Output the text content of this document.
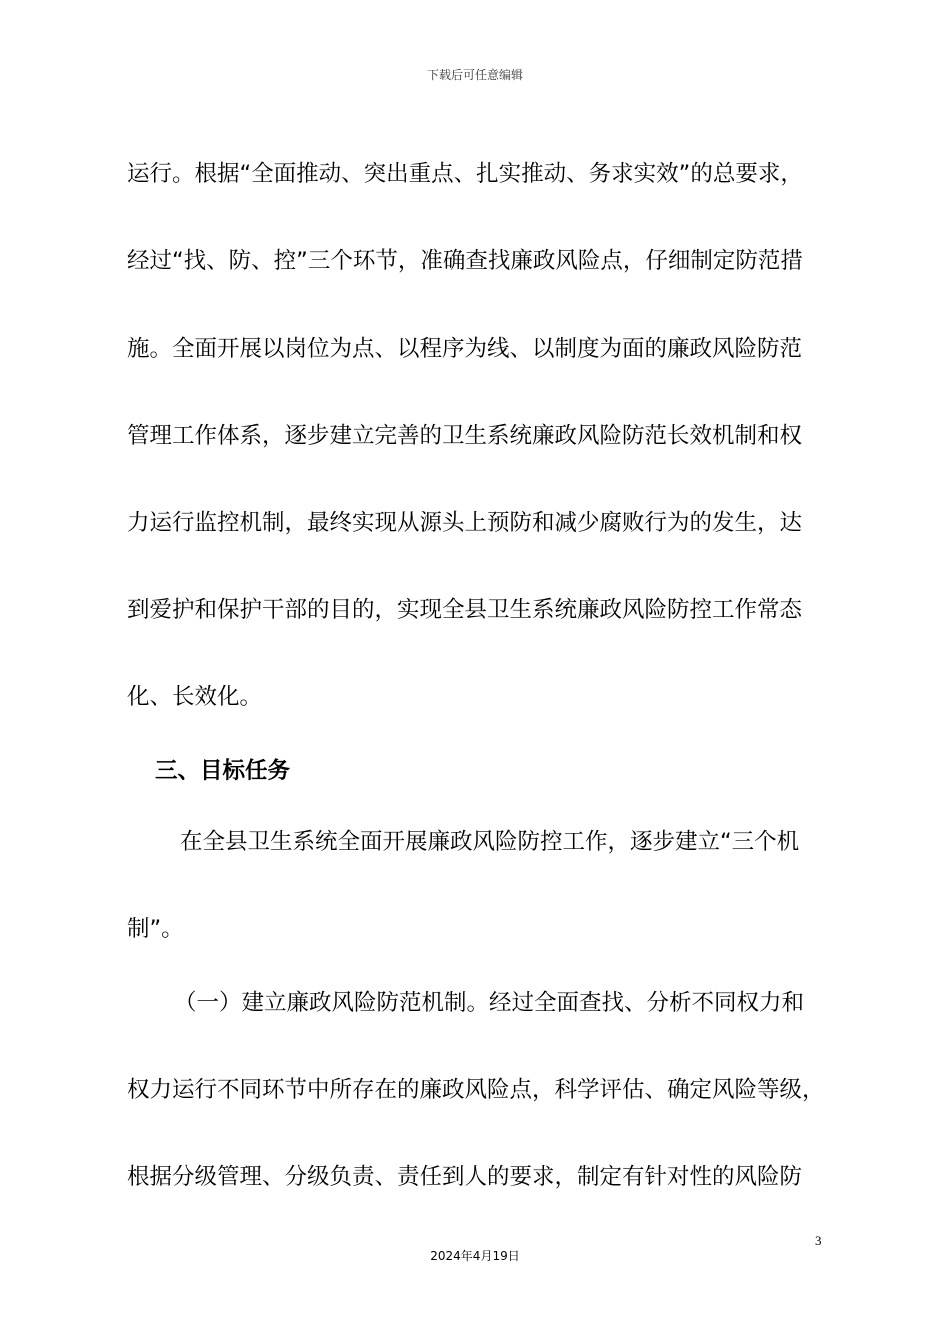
下载后可任意编辑
运行。根据“全面推动、突出重点、扎实推动、务求实效”的总要求，
经过“找、防、控”三个环节，准确查找廉政风险点，仔细制定防范措
施。全面开展以岗位为点、以程序为线、以制度为面的廉政风险防范
管理工作体系，逐步建立完善的卫生系统廉政风险防范长效机制和权
力运行监控机制，最终实现从源头上预防和减少腐败行为的发生，达
到爱护和保护干部的目的，实现全县卫生系统廉政风险防控工作常态
化、长效化。
三、目标任务
在全县卫生系统全面开展廉政风险防控工作，逐步建立“三个机
制”。
（一）建立廉政风险防范机制。经过全面查找、分析不同权力和
权力运行不同环节中所存在的廉政风险点，科学评估、确定风险等级，
根据分级管理、分级负责、责任到人的要求，制定有针对性的风险防
3
2024年4月19日
